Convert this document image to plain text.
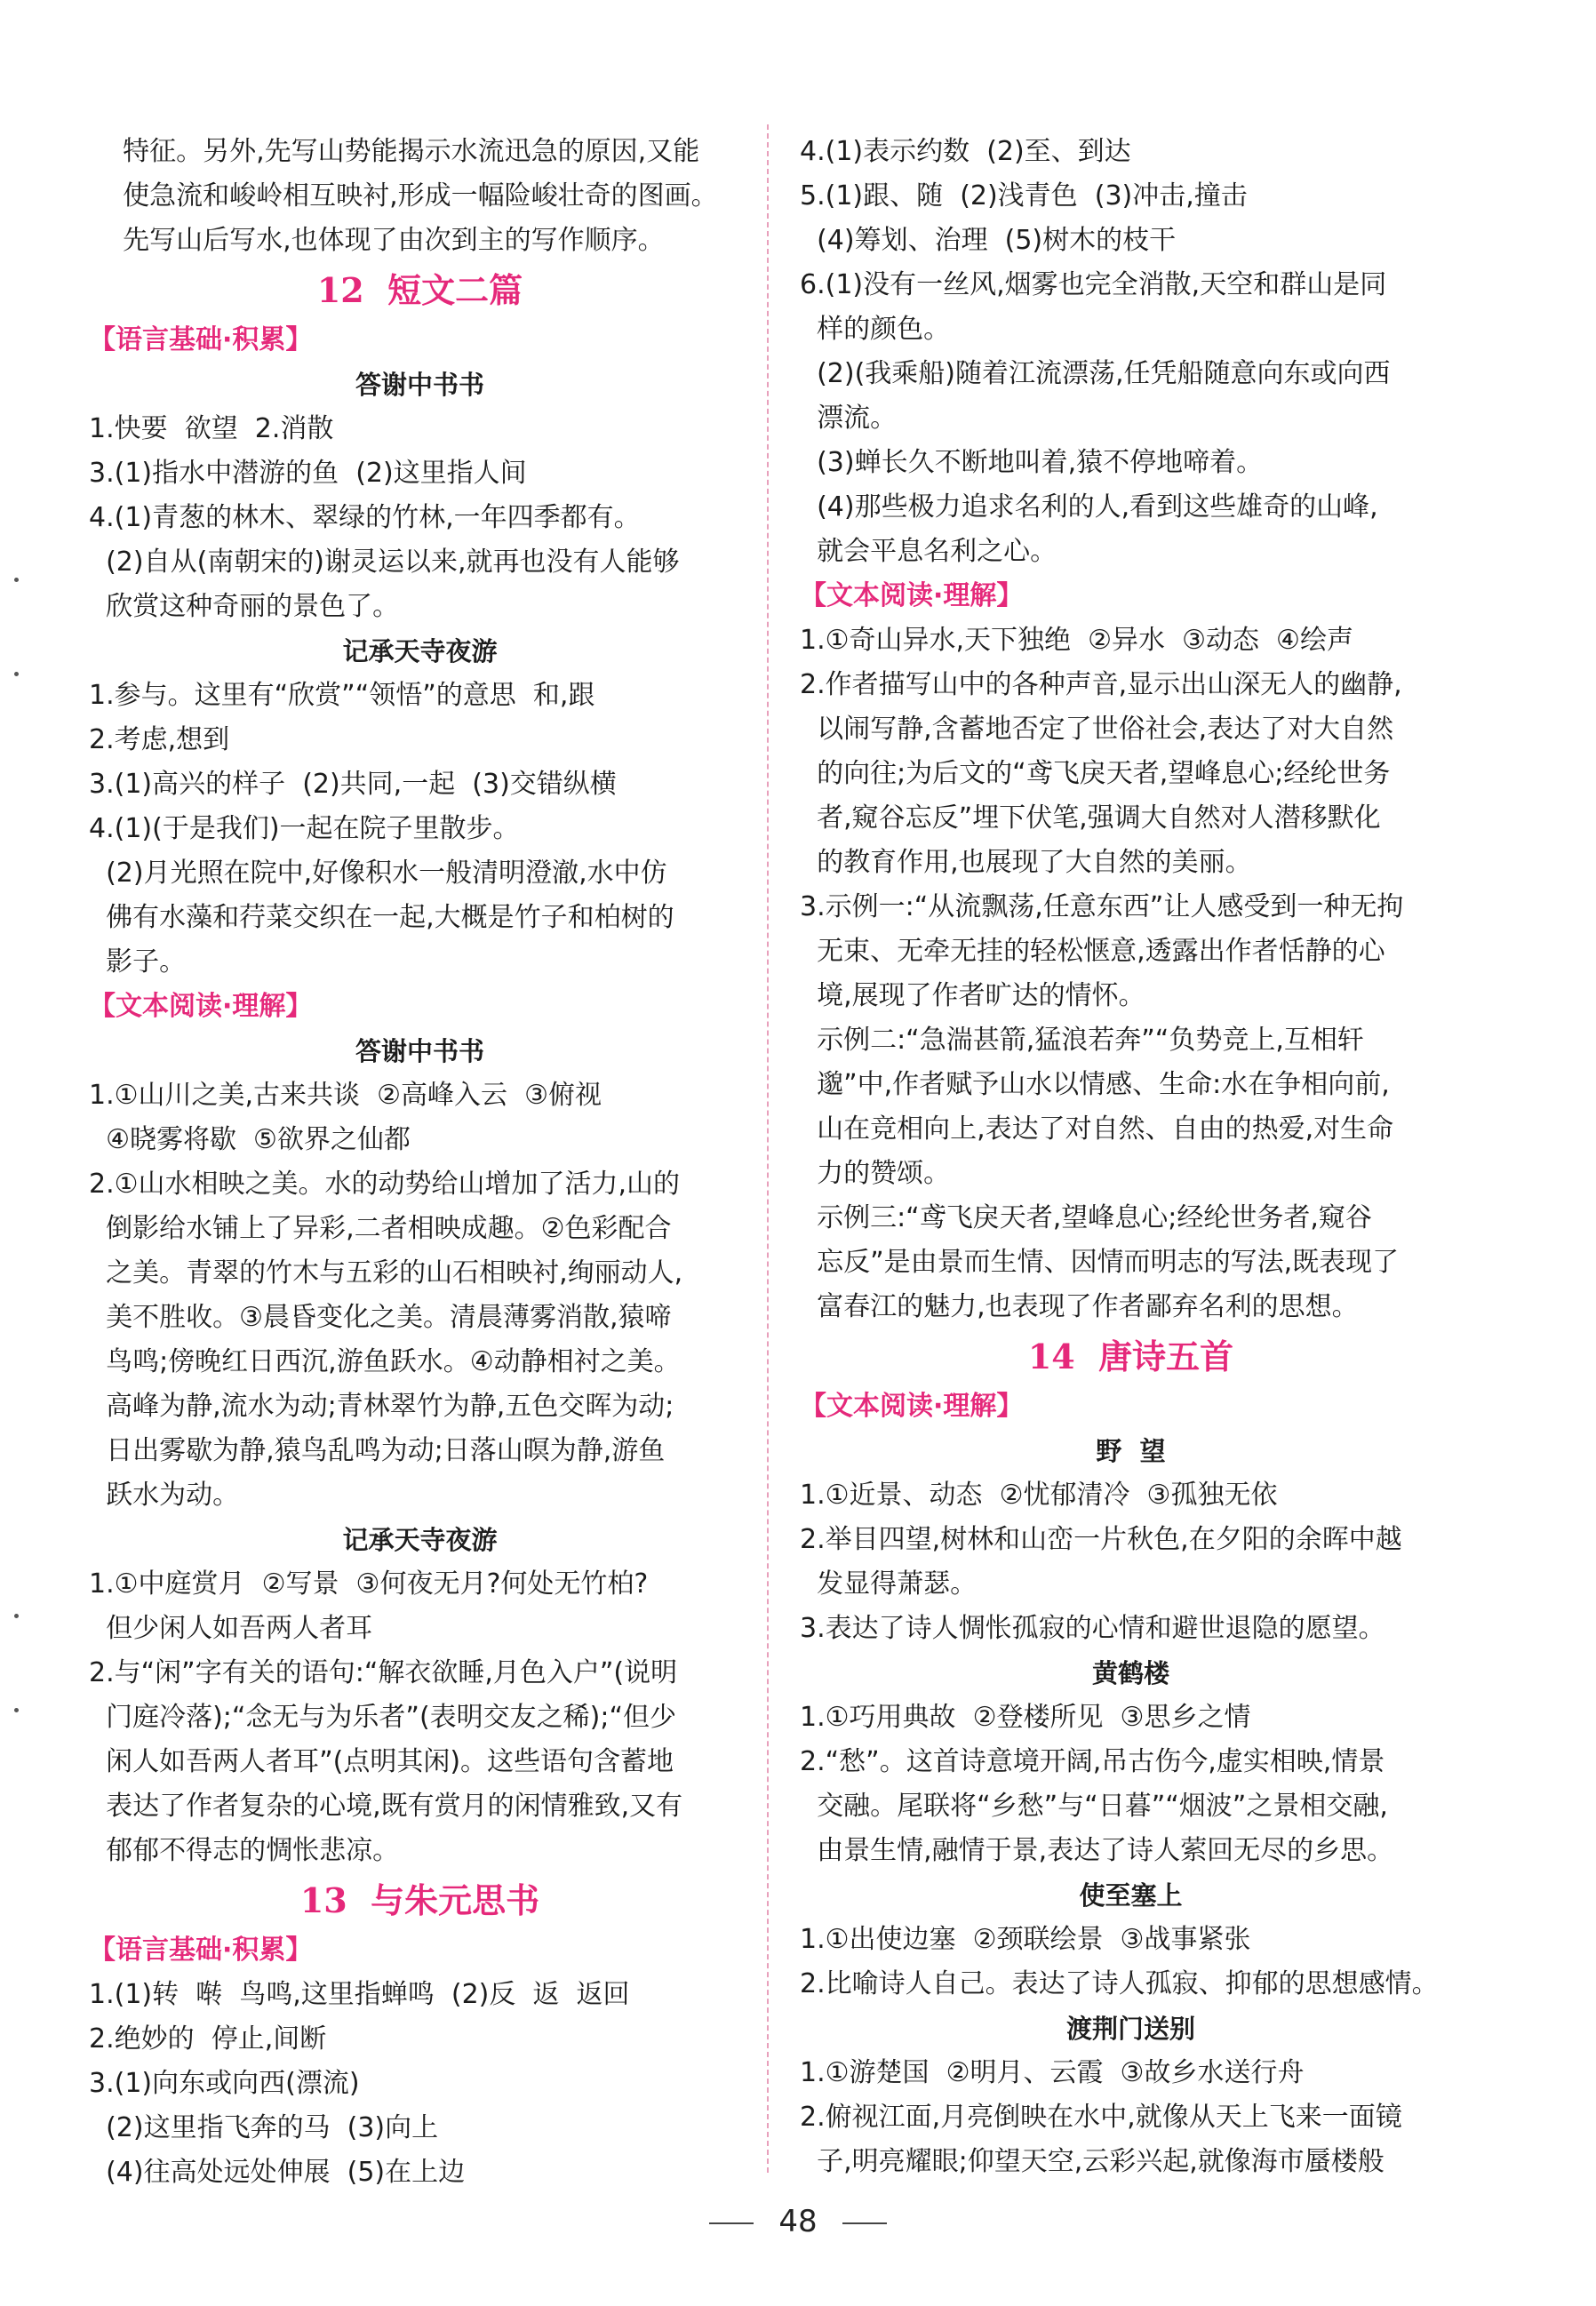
特征。另外,先写山势能揭示水流迅急的原因,又能
使急流和峻岭相互映衬,形成一幅险峻壮奇的图画。
先写山后写水,也体现了由次到主的写作顺序。
12  短文二篇
【语言基础·积累】
答谢中书书
1.快要  欲望  2.消散
3.(1)指水中潜游的鱼  (2)这里指人间
4.(1)青葱的林木、翠绿的竹林,一年四季都有。
(2)自从(南朝宋的)谢灵运以来,就再也没有人能够
欣赏这种奇丽的景色了。
记承天寺夜游
1.参与。这里有“欣赏”“领悟”的意思  和,跟
2.考虑,想到
3.(1)高兴的样子  (2)共同,一起  (3)交错纵横
4.(1)(于是我们)一起在院子里散步。
(2)月光照在院中,好像积水一般清明澄澈,水中仿
佛有水藻和荇菜交织在一起,大概是竹子和柏树的
影子。
【文本阅读·理解】
答谢中书书
1.①山川之美,古来共谈  ②高峰入云  ③俯视
④晓雾将歇  ⑤欲界之仙都
2.①山水相映之美。水的动势给山增加了活力,山的
倒影给水铺上了异彩,二者相映成趣。②色彩配合
之美。青翠的竹木与五彩的山石相映衬,绚丽动人,
美不胜收。③晨昏变化之美。清晨薄雾消散,猿啼
鸟鸣;傍晚红日西沉,游鱼跃水。④动静相衬之美。
高峰为静,流水为动;青林翠竹为静,五色交晖为动;
日出雾歇为静,猿鸟乱鸣为动;日落山暝为静,游鱼
跃水为动。
记承天寺夜游
1.①中庭赏月  ②写景  ③何夜无月?何处无竹柏?
但少闲人如吾两人者耳
2.与“闲”字有关的语句:“解衣欲睡,月色入户”(说明
门庭冷落);“念无与为乐者”(表明交友之稀);“但少
闲人如吾两人者耳”(点明其闲)。这些语句含蓄地
表达了作者复杂的心境,既有赏月的闲情雅致,又有
郁郁不得志的惆怅悲凉。
13  与朱元思书
【语言基础·积累】
1.(1)转  啭  鸟鸣,这里指蝉鸣  (2)反  返  返回
2.绝妙的  停止,间断
3.(1)向东或向西(漂流)
(2)这里指飞奔的马  (3)向上
(4)往高处远处伸展  (5)在上边
4.(1)表示约数  (2)至、到达
5.(1)跟、随  (2)浅青色  (3)冲击,撞击
(4)筹划、治理  (5)树木的枝干
6.(1)没有一丝风,烟雾也完全消散,天空和群山是同
样的颜色。
(2)(我乘船)随着江流漂荡,任凭船随意向东或向西
漂流。
(3)蝉长久不断地叫着,猿不停地啼着。
(4)那些极力追求名利的人,看到这些雄奇的山峰,
就会平息名利之心。
【文本阅读·理解】
1.①奇山异水,天下独绝  ②异水  ③动态  ④绘声
2.作者描写山中的各种声音,显示出山深无人的幽静,
以闹写静,含蓄地否定了世俗社会,表达了对大自然
的向往;为后文的“鸢飞戾天者,望峰息心;经纶世务
者,窥谷忘反”埋下伏笔,强调大自然对人潜移默化
的教育作用,也展现了大自然的美丽。
3.示例一:“从流飘荡,任意东西”让人感受到一种无拘
无束、无牵无挂的轻松惬意,透露出作者恬静的心
境,展现了作者旷达的情怀。
示例二:“急湍甚箭,猛浪若奔”“负势竞上,互相轩
邈”中,作者赋予山水以情感、生命:水在争相向前,
山在竞相向上,表达了对自然、自由的热爱,对生命
力的赞颂。
示例三:“鸢飞戾天者,望峰息心;经纶世务者,窥谷
忘反”是由景而生情、因情而明志的写法,既表现了
富春江的魅力,也表现了作者鄙弃名利的思想。
14  唐诗五首
【文本阅读·理解】
野  望
1.①近景、动态  ②忧郁清冷  ③孤独无依
2.举目四望,树林和山峦一片秋色,在夕阳的余晖中越
发显得萧瑟。
3.表达了诗人惆怅孤寂的心情和避世退隐的愿望。
黄鹤楼
1.①巧用典故  ②登楼所见  ③思乡之情
2.“愁”。这首诗意境开阔,吊古伤今,虚实相映,情景
交融。尾联将“乡愁”与“日暮”“烟波”之景相交融,
由景生情,融情于景,表达了诗人萦回无尽的乡思。
使至塞上
1.①出使边塞  ②颈联绘景  ③战事紧张
2.比喻诗人自己。表达了诗人孤寂、抑郁的思想感情。
渡荆门送别
1.①游楚国  ②明月、云霞  ③故乡水送行舟
2.俯视江面,月亮倒映在水中,就像从天上飞来一面镜
子,明亮耀眼;仰望天空,云彩兴起,就像海市蜃楼般
48
